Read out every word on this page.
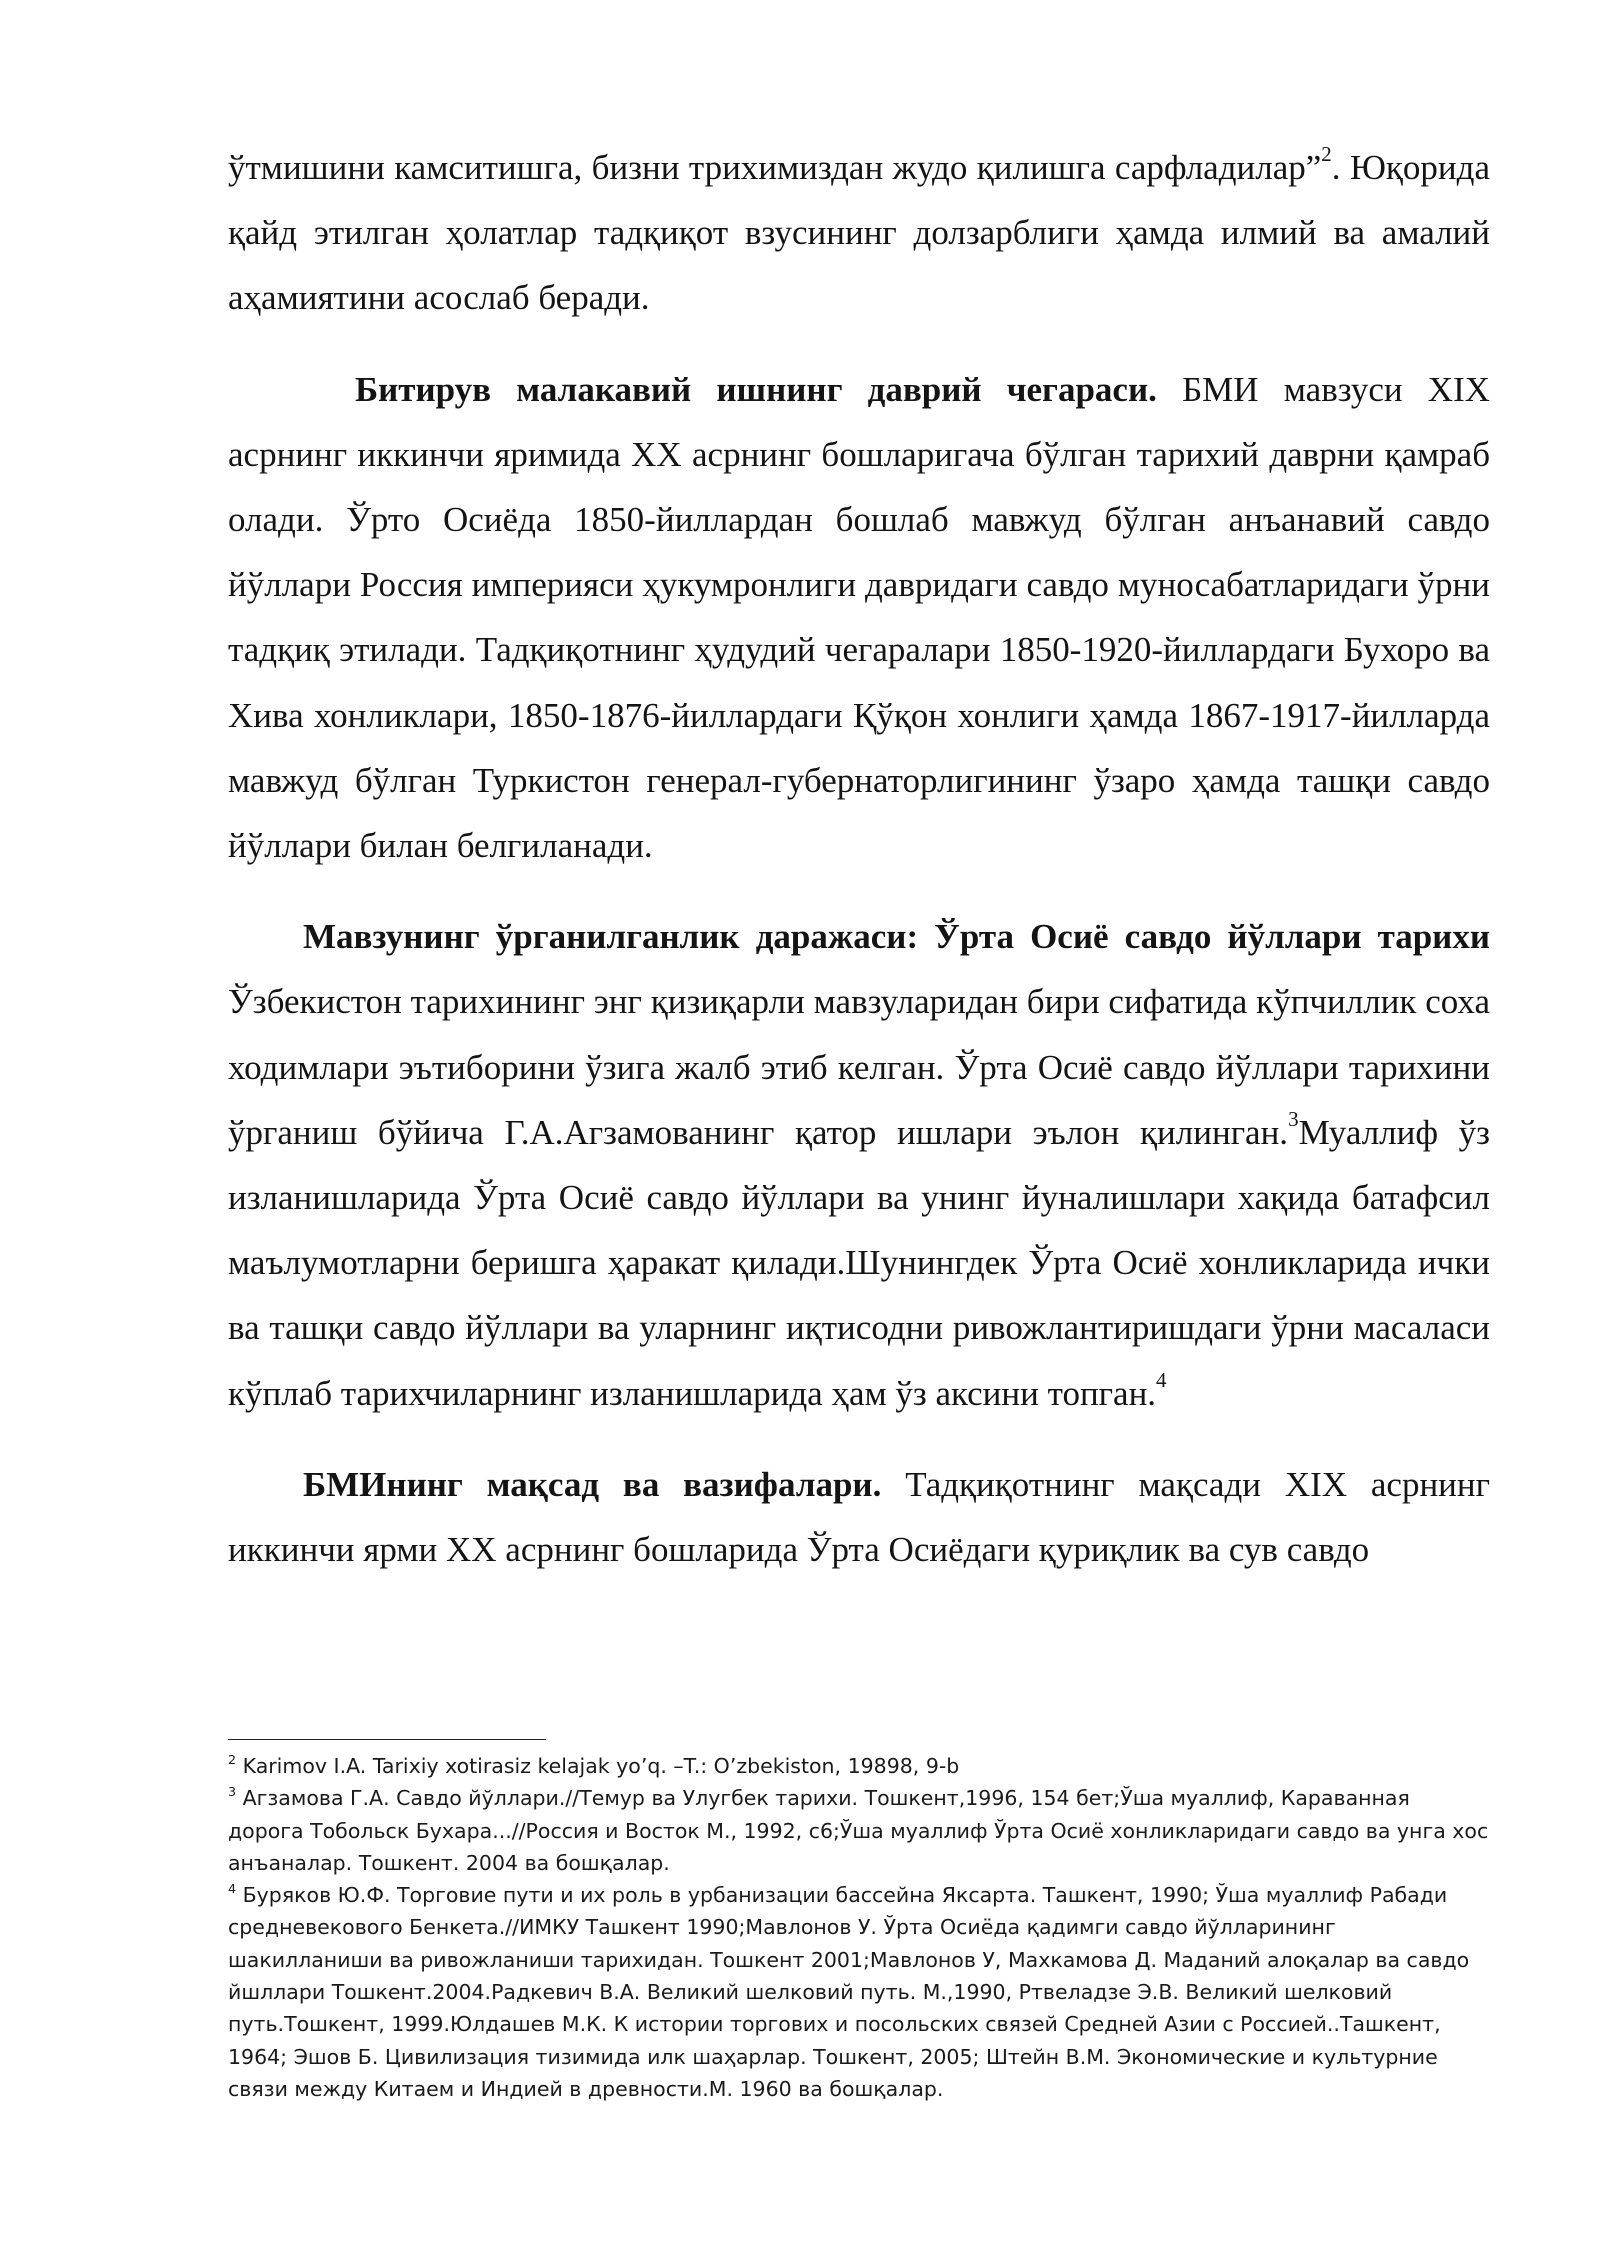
ўтмишини камситишга, бизни трихимиздан жудо қилишга сарфладилар”$^2$. Юқорида қайд этилган ҳолатлар тадқиқот взусининг долзарблиги ҳамда илмий ва амалий аҳамиятини асослаб беради.

Битирув малакавий ишнинг даврий чегараси. БМИ мавзуси XIX асрнинг иккинчи яримида XX асрнинг бошларигача бўлган тарихий даврни қамраб олади. Ўрто Осиёда 1850-йиллардан бошлаб мавжуд бўлган анъанавий савдо йўллари Россия империяси ҳукумронлиги давридаги савдо муносабатларидаги ўрни тадқиқ этилади. Тадқиқотнинг ҳудудий чегаралари 1850-1920-йиллардаги Бухоро ва Хива хонликлари, 1850-1876-йиллардаги Қўқон хонлиги ҳамда 1867-1917-йилларда мавжуд бўлган Туркистон генерал-губернаторлигининг ўзаро ҳамда ташқи савдо йўллари билан белгиланади.

Мавзунинг ўрганилганлик даражаси: Ўрта Осиё савдо йўллари тарихи Ўзбекистон тарихининг энг қизиқарли мавзуларидан бири сифатида кўпчиллик соха ходимлари эътиборини ўзига жалб этиб келган. Ўрта Осиё савдо йўллари тарихини ўрганиш бўйича Г.А.Агзамованинг қатор ишлари эълон қилинган.$^3$Муаллиф ўз изланишларида Ўрта Осиё савдо йўллари ва унинг йуналишлари хақида батафсил маълумотларни беришга ҳаракат қилади.Шунингдек Ўрта Осиё хонликларида ички ва ташқи савдо йўллари ва уларнинг иқтисодни ривожлантиришдаги ўрни масаласи кўплаб тарихчиларнинг изланишларида ҳам ўз аксини топган.$^4$

БМИнинг мақсад ва вазифалари. Тадқиқотнинг мақсади XIX асрнинг иккинчи ярми XX асрнинг бошларида Ўрта Осиёдаги қуриқлик ва сув савдо

$^2$ Karimov I.A. Tarixiy xotirasiz kelajak yo’q. –T.: O’zbekiston, 19898, 9-b

$^3$ Агзамова Г.А. Савдо йўллари.//Темур ва Улугбек тарихи. Тошкент,1996, 154 бет;Ўша муаллиф, Караванная дорога Тобольск Бухара...//Россия и Восток М., 1992, с6;Ўша муаллиф Ўрта Осиё хонликларидаги савдо ва унга хос анъаналар. Тошкент. 2004 ва бошқалар.

$^4$ Буряков Ю.Ф. Торговие пути и их роль в урбанизации бассейна Яксарта. Ташкент, 1990; Ўша муаллиф Рабади средневекового Бенкета.//ИМКУ Ташкент 1990;Мавлонов У. Ўрта Осиёда қадимги савдо йўлларининг шакилланиши ва ривожланиши тарихидан. Тошкент 2001;Мавлонов У, Махкамова Д. Маданий алоқалар ва савдо йшллари Тошкент.2004.Радкевич В.А. Великий шелковий путь. М.,1990, Ртвеладзе Э.В. Великий шелковий путь.Тошкент, 1999.Юлдашев М.К. К истории торгових и посольских связей Средней Азии с Россией..Ташкент, 1964; Эшов Б. Цивилизация тизимида илк шаҳарлар. Тошкент, 2005; Штейн В.М. Экономические и культурние связи между Китаем и Индией в древности.М. 1960 ва бошқалар.
